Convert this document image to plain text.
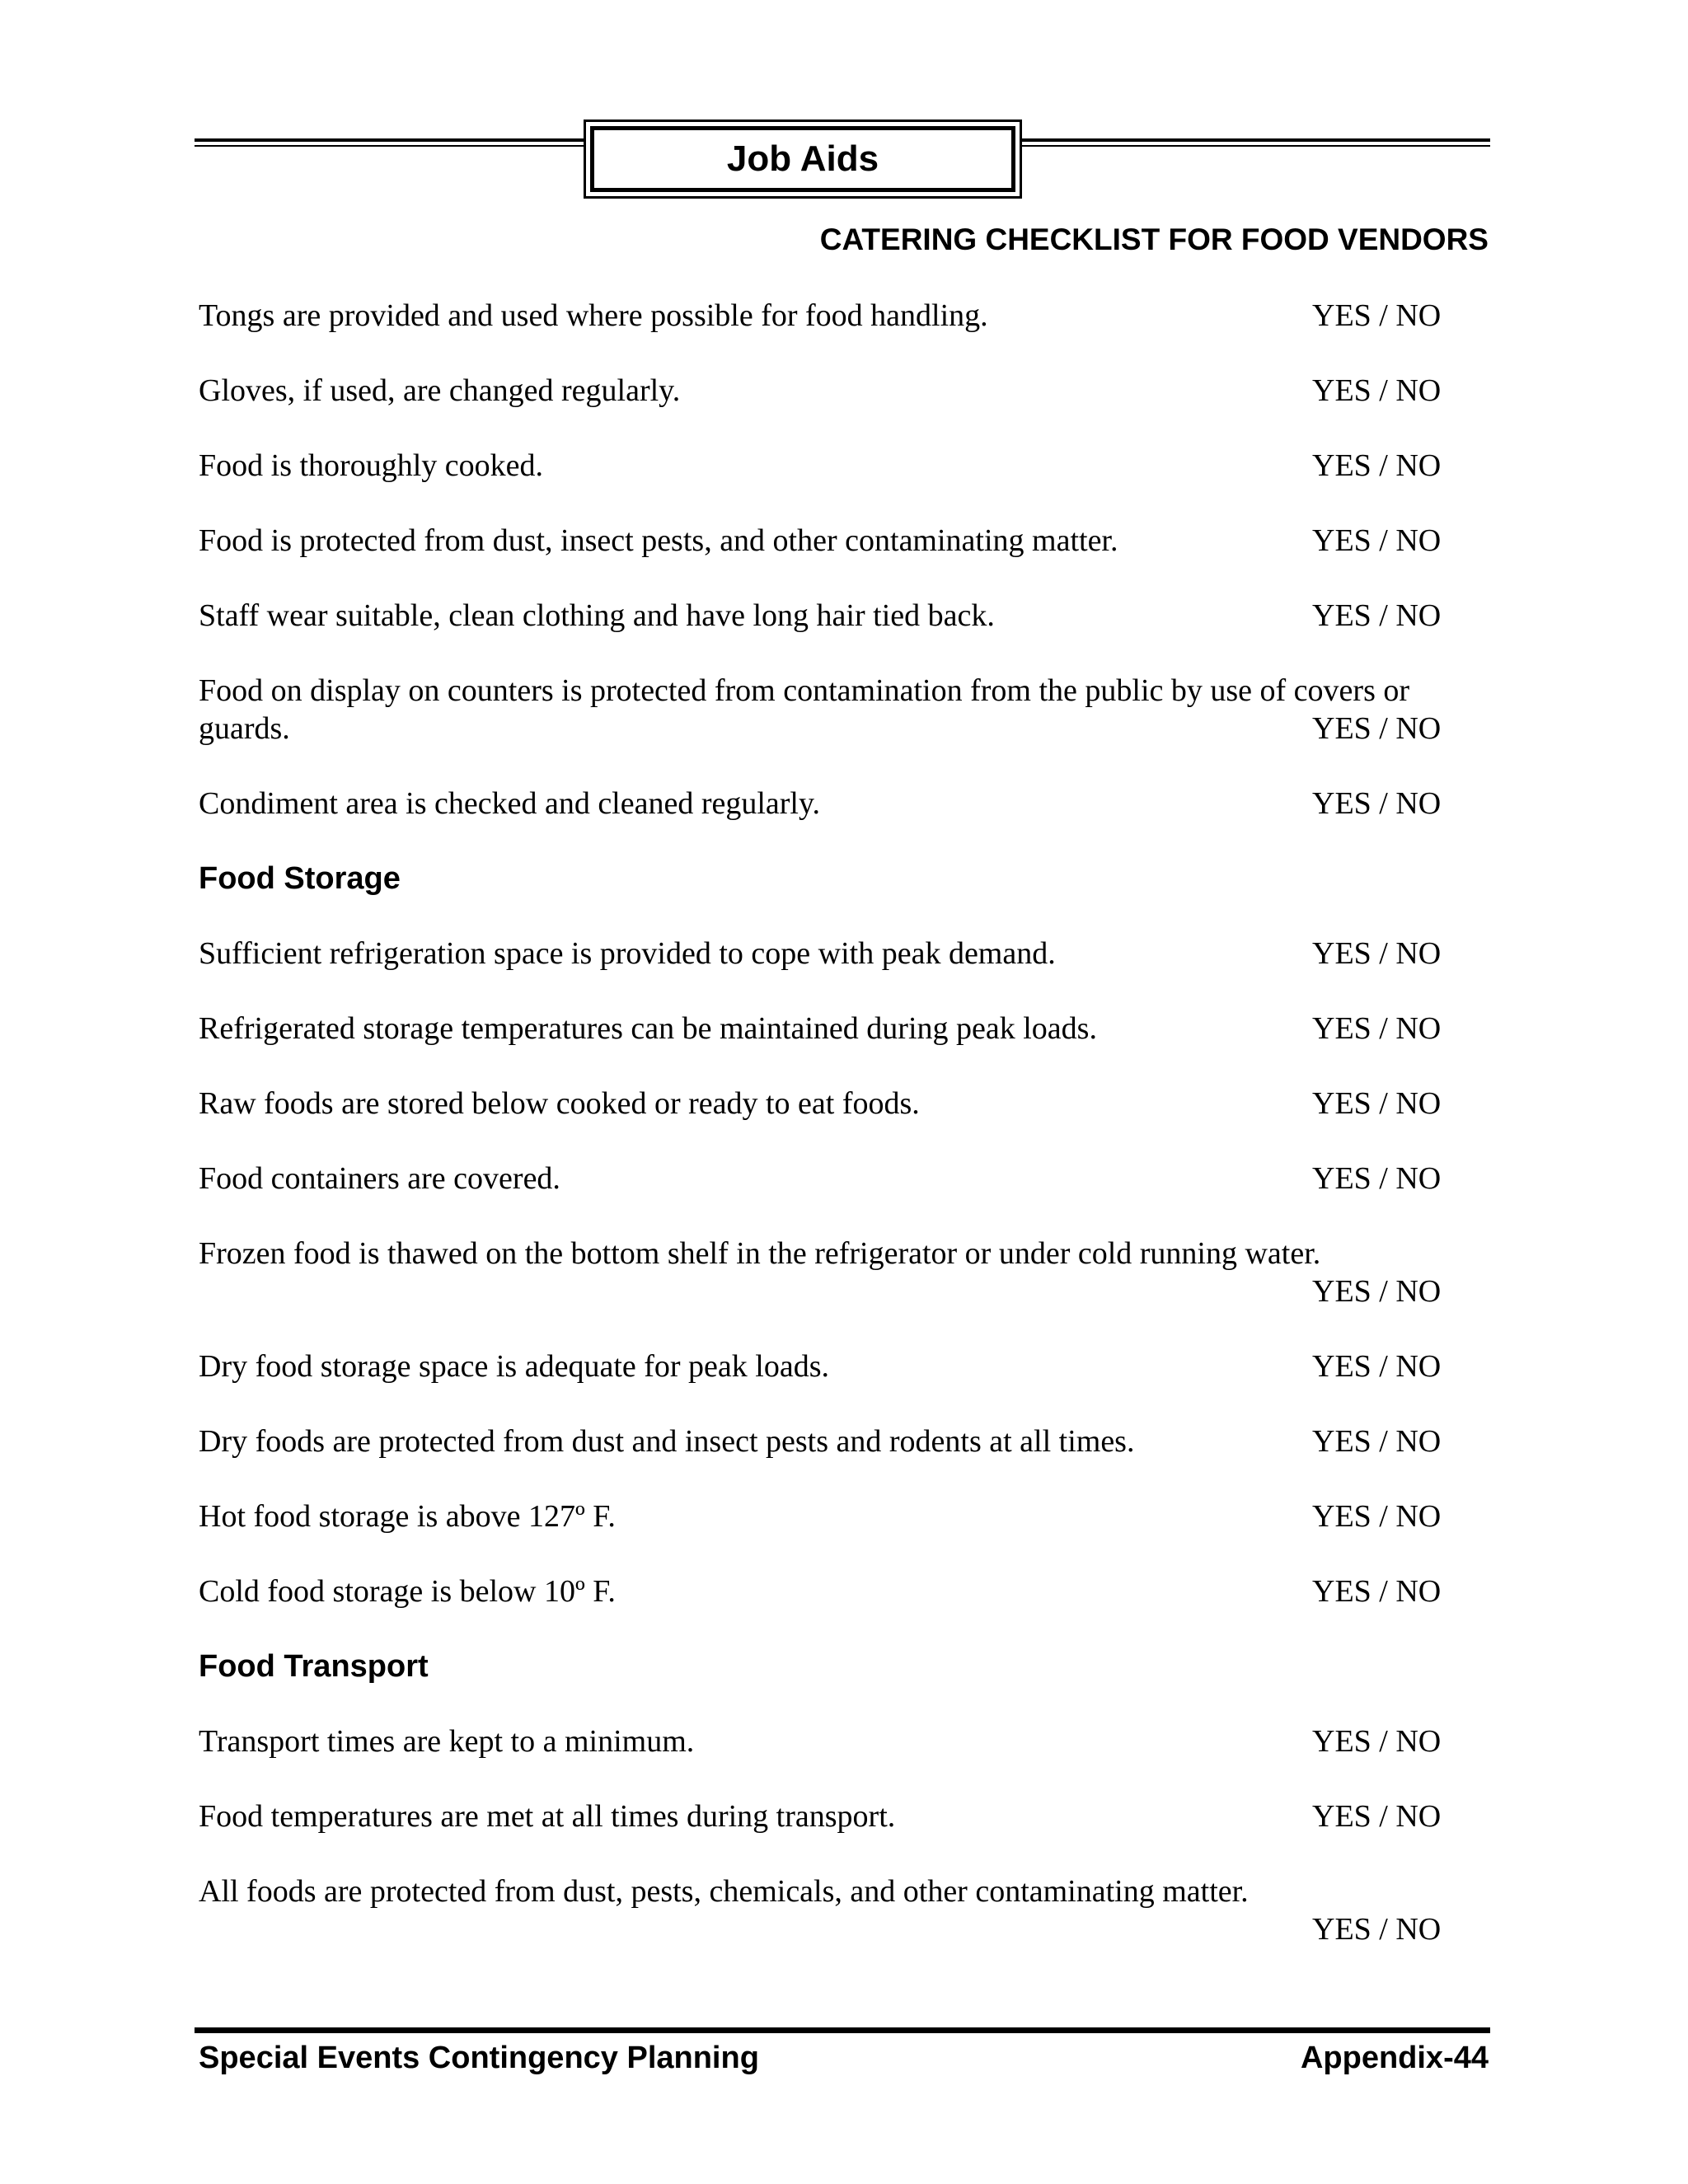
Job Aids
CATERING CHECKLIST FOR FOOD VENDORS
Tongs are provided and used where possible for food handling.	YES / NO
Gloves, if used, are changed regularly.	YES / NO
Food is thoroughly cooked.	YES / NO
Food is protected from dust, insect pests, and other contaminating matter.	YES / NO
Staff wear suitable, clean clothing and have long hair tied back.	YES / NO
Food on display on counters is protected from contamination from the public by use of covers or guards.	YES / NO
Condiment area is checked and cleaned regularly.	YES / NO
Food Storage
Sufficient refrigeration space is provided to cope with peak demand.	YES / NO
Refrigerated storage temperatures can be maintained during peak loads.	YES / NO
Raw foods are stored below cooked or ready to eat foods.	YES / NO
Food containers are covered.	YES / NO
Frozen food is thawed on the bottom shelf in the refrigerator or under cold running water.
YES / NO
Dry food storage space is adequate for peak loads.	YES / NO
Dry foods are protected from dust and insect pests and rodents at all times.	YES / NO
Hot food storage is above 127º F.	YES / NO
Cold food storage is below 10º F.	YES / NO
Food Transport
Transport times are kept to a minimum.	YES / NO
Food temperatures are met at all times during transport.	YES / NO
All foods are protected from dust, pests, chemicals, and other contaminating matter.
YES / NO
Special Events Contingency Planning	Appendix-44
